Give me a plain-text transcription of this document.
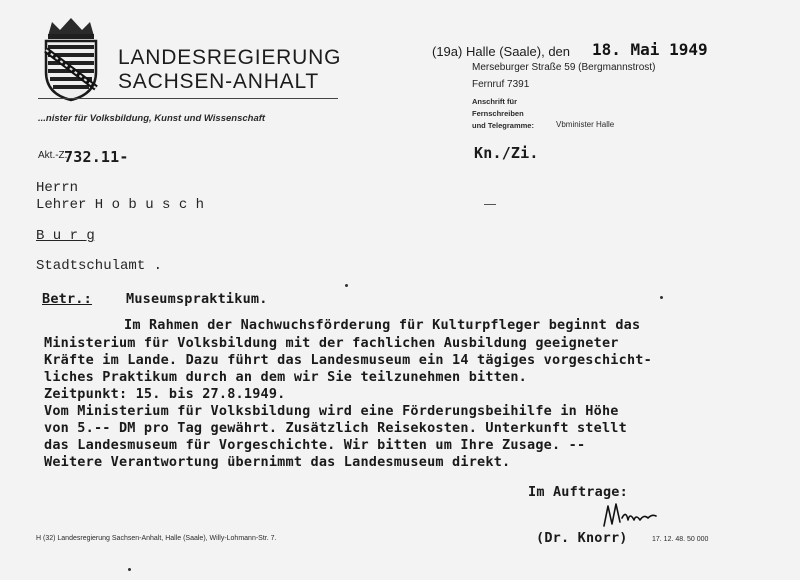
LANDESREGIERUNG
SACHSEN-ANHALT
...nister für Volksbildung, Kunst und Wissenschaft
(19a) Halle (Saale), den 18. Mai 1949
Merseburger Straße 59 (Bergmannstrost)
Fernruf 7391
Anschrift für
Fernschreiben
und Telegramme:	Vbminister Halle
Akt.-Z.
732.11-	Kn./Zi.
Herrn
Lehrer H o b u s c h
B u r g
Stadtschulamt .
Betr.:	Museumspraktikum.
Im Rahmen der Nachwuchsförderung für Kulturpfleger beginnt das
Ministerium für Volksbildung mit der fachlichen Ausbildung geeigneter
Kräfte im Lande. Dazu führt das Landesmuseum ein 14 tägiges vorgeschicht-
liches Praktikum durch an dem wir Sie teilzunehmen bitten.
Zeitpunkt: 15. bis 27.8.1949.
Vom Ministerium für Volksbildung wird eine Förderungsbeihilfe in Höhe
von 5.-- DM pro Tag gewährt. Zusätzlich Reisekosten. Unterkunft stellt
das Landesmuseum für Vorgeschichte. Wir bitten um Ihre Zusage. --
Weitere Verantwortung übernimmt das Landesmuseum direkt.
Im Auftrage:
(Dr. Knorr)
H (32) Landesregierung Sachsen-Anhalt, Halle (Saale), Willy-Lohmann-Str. 7.	17. 12. 48. 50 000
